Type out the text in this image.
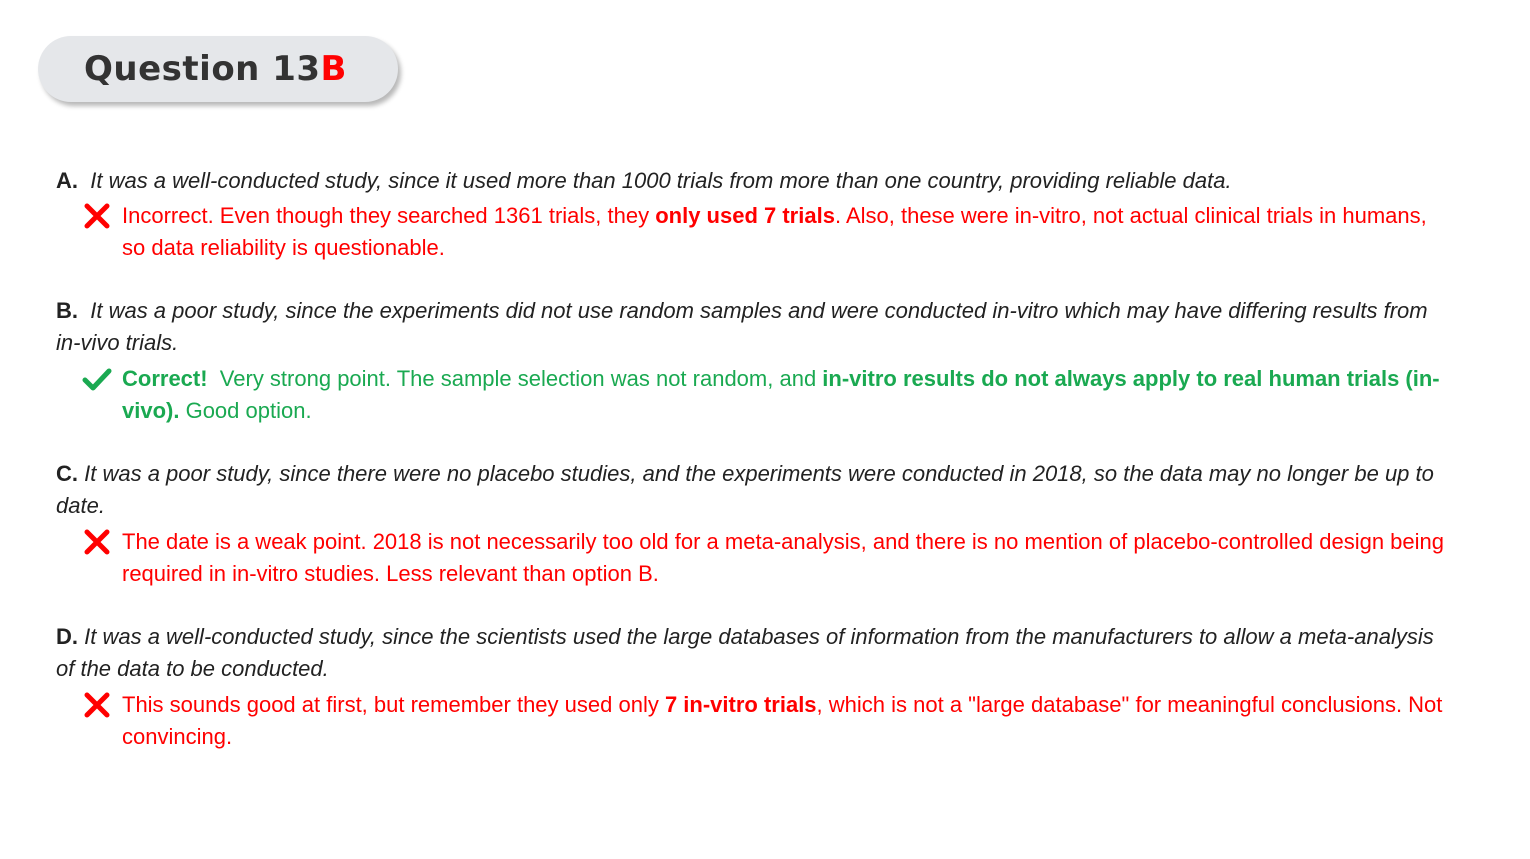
Question 13B
A. It was a well-conducted study, since it used more than 1000 trials from more than one country, providing reliable data.
Incorrect. Even though they searched 1361 trials, they only used 7 trials. Also, these were in-vitro, not actual clinical trials in humans, so data reliability is questionable.
B. It was a poor study, since the experiments did not use random samples and were conducted in-vitro which may have differing results from in-vivo trials.
Correct!  Very strong point. The sample selection was not random, and in-vitro results do not always apply to real human trials (in-vivo). Good option.
C. It was a poor study, since there were no placebo studies, and the experiments were conducted in 2018, so the data may no longer be up to date.
The date is a weak point. 2018 is not necessarily too old for a meta-analysis, and there is no mention of placebo-controlled design being required in in-vitro studies. Less relevant than option B.
D. It was a well-conducted study, since the scientists used the large databases of information from the manufacturers to allow a meta-analysis of the data to be conducted.
This sounds good at first, but remember they used only 7 in-vitro trials, which is not a "large database" for meaningful conclusions. Not convincing.
